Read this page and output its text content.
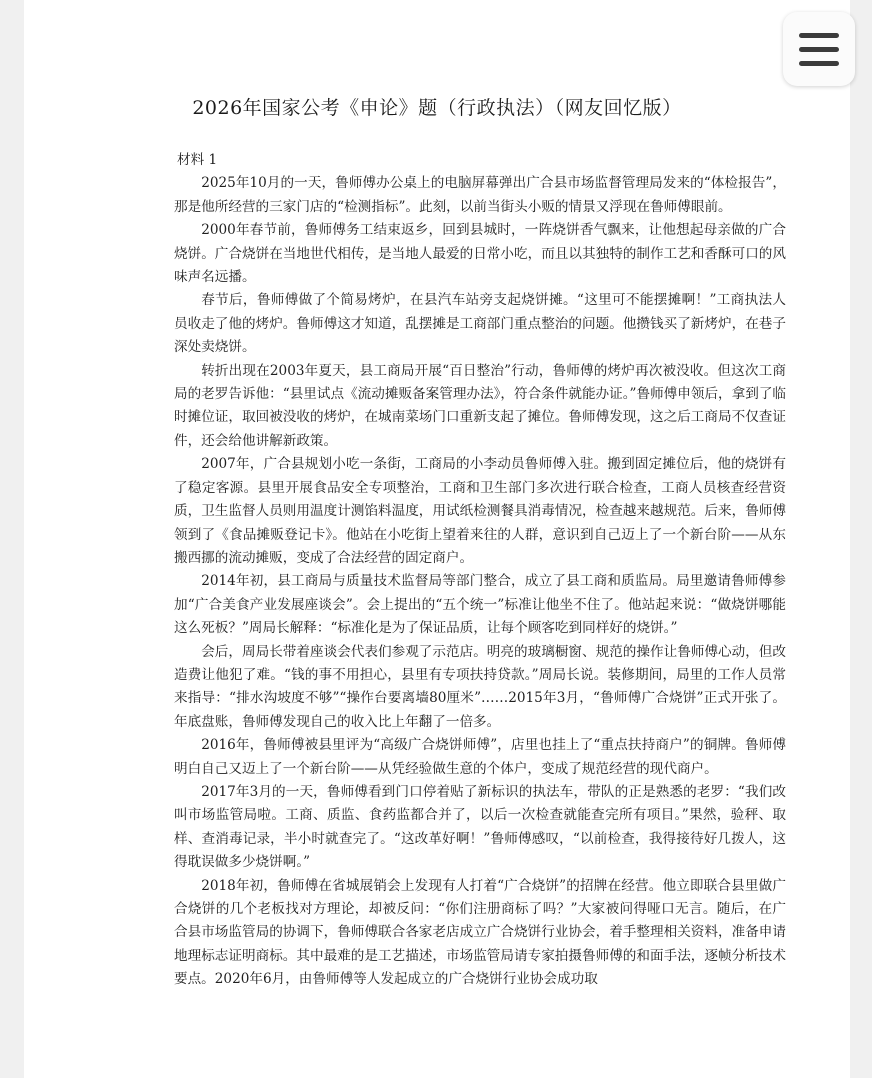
2026年国家公考《申论》题（行政执法）（网友回忆版）

材料 1

2025年10月的一天，鲁师傅办公桌上的电脑屏幕弹出广合县市场监督管理局发来的“体检报告”，那是他所经营的三家门店的“检测指标”。此刻，以前当街头小贩的情景又浮现在鲁师傅眼前。

2000年春节前，鲁师傅务工结束返乡，回到县城时，一阵烧饼香气飘来，让他想起母亲做的广合烧饼。广合烧饼在当地世代相传，是当地人最爱的日常小吃，而且以其独特的制作工艺和香酥可口的风味声名远播。

春节后，鲁师傅做了个简易烤炉，在县汽车站旁支起烧饼摊。“这里可不能摆摊啊！”工商执法人员收走了他的烤炉。鲁师傅这才知道，乱摆摊是工商部门重点整治的问题。他攒钱买了新烤炉，在巷子深处卖烧饼。

转折出现在2003年夏天，县工商局开展“百日整治”行动，鲁师傅的烤炉再次被没收。但这次工商局的老罗告诉他：“县里试点《流动摊贩备案管理办法》，符合条件就能办证。”鲁师傅申领后，拿到了临时摊位证，取回被没收的烤炉，在城南菜场门口重新支起了摊位。鲁师傅发现，这之后工商局不仅查证件，还会给他讲解新政策。

2007年，广合县规划小吃一条街，工商局的小李动员鲁师傅入驻。搬到固定摊位后，他的烧饼有了稳定客源。县里开展食品安全专项整治，工商和卫生部门多次进行联合检查，工商人员核查经营资质，卫生监督人员则用温度计测馅料温度，用试纸检测餐具消毒情况，检查越来越规范。后来，鲁师傅领到了《食品摊贩登记卡》。他站在小吃街上望着来往的人群，意识到自己迈上了一个新台阶——从东搬西挪的流动摊贩，变成了合法经营的固定商户。

2014年初，县工商局与质量技术监督局等部门整合，成立了县工商和质监局。局里邀请鲁师傅参加“广合美食产业发展座谈会”。会上提出的“五个统一”标准让他坐不住了。他站起来说：“做烧饼哪能这么死板？”周局长解释：“标准化是为了保证品质，让每个顾客吃到同样好的烧饼。”

会后，周局长带着座谈会代表们参观了示范店。明亮的玻璃橱窗、规范的操作让鲁师傅心动，但改造费让他犯了难。“钱的事不用担心，县里有专项扶持贷款。”周局长说。装修期间，局里的工作人员常来指导：“排水沟坡度不够”“操作台要离墙80厘米”……2015年3月，“鲁师傅广合烧饼”正式开张了。年底盘账，鲁师傅发现自己的收入比上年翻了一倍多。

2016年，鲁师傅被县里评为“高级广合烧饼师傅”，店里也挂上了“重点扶持商户”的铜牌。鲁师傅明白自己又迈上了一个新台阶——从凭经验做生意的个体户，变成了规范经营的现代商户。

2017年3月的一天，鲁师傅看到门口停着贴了新标识的执法车，带队的正是熟悉的老罗：“我们改叫市场监管局啦。工商、质监、食药监都合并了，以后一次检查就能查完所有项目。”果然，验秤、取样、查消毒记录，半小时就查完了。“这改革好啊！”鲁师傅感叹，“以前检查，我得接待好几拨人，这得耽误做多少烧饼啊。”

2018年初，鲁师傅在省城展销会上发现有人打着“广合烧饼”的招牌在经营。他立即联合县里做广合烧饼的几个老板找对方理论，却被反问：“你们注册商标了吗？”大家被问得哑口无言。随后，在广合县市场监管局的协调下，鲁师傅联合各家老店成立广合烧饼行业协会，着手整理相关资料，准备申请地理标志证明商标。其中最难的是工艺描述，市场监管局请专家拍摄鲁师傅的和面手法，逐帧分析技术要点。2020年6月，由鲁师傅等人发起成立的广合烧饼行业协会成功取
